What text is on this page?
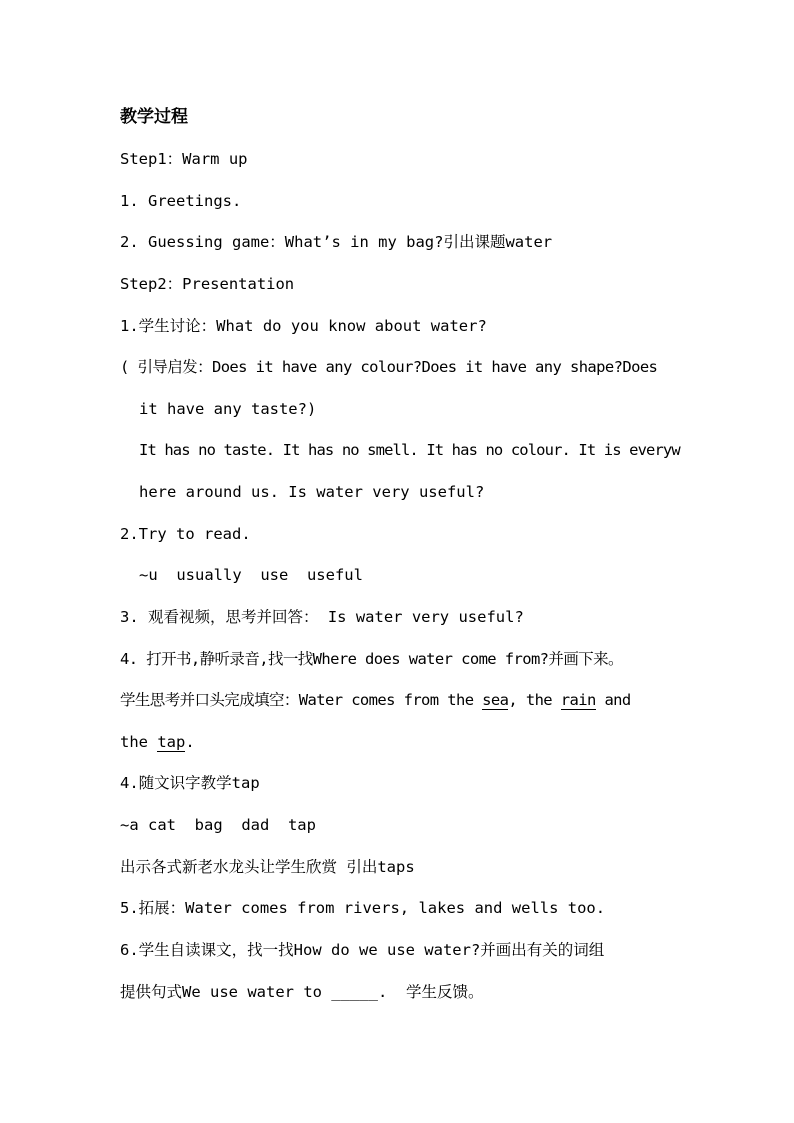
教学过程
Step1：Warm up
1. Greetings.
2. Guessing game：What’s in my bag?引出课题water
Step2：Presentation
1.学生讨论：What do you know about water?
( 引导启发：Does it have any colour?Does it have any shape?Does
it have any taste?)
It has no taste. It has no smell. It has no colour. It is everyw
here around us. Is water very useful?
2.Try to read.
~u  usually  use  useful
3. 观看视频，思考并回答： Is water very useful?
4. 打开书,静听录音,找一找Where does water come from?并画下来。
学生思考并口头完成填空：Water comes from the sea, the rain and
the tap.
4.随文识字教学tap
~a cat  bag  dad  tap
出示各式新老水龙头让学生欣赏 引出taps
5.拓展：Water comes from rivers, lakes and wells too.
6.学生自读课文，找一找How do we use water?并画出有关的词组
提供句式We use water to _____.  学生反馈。
